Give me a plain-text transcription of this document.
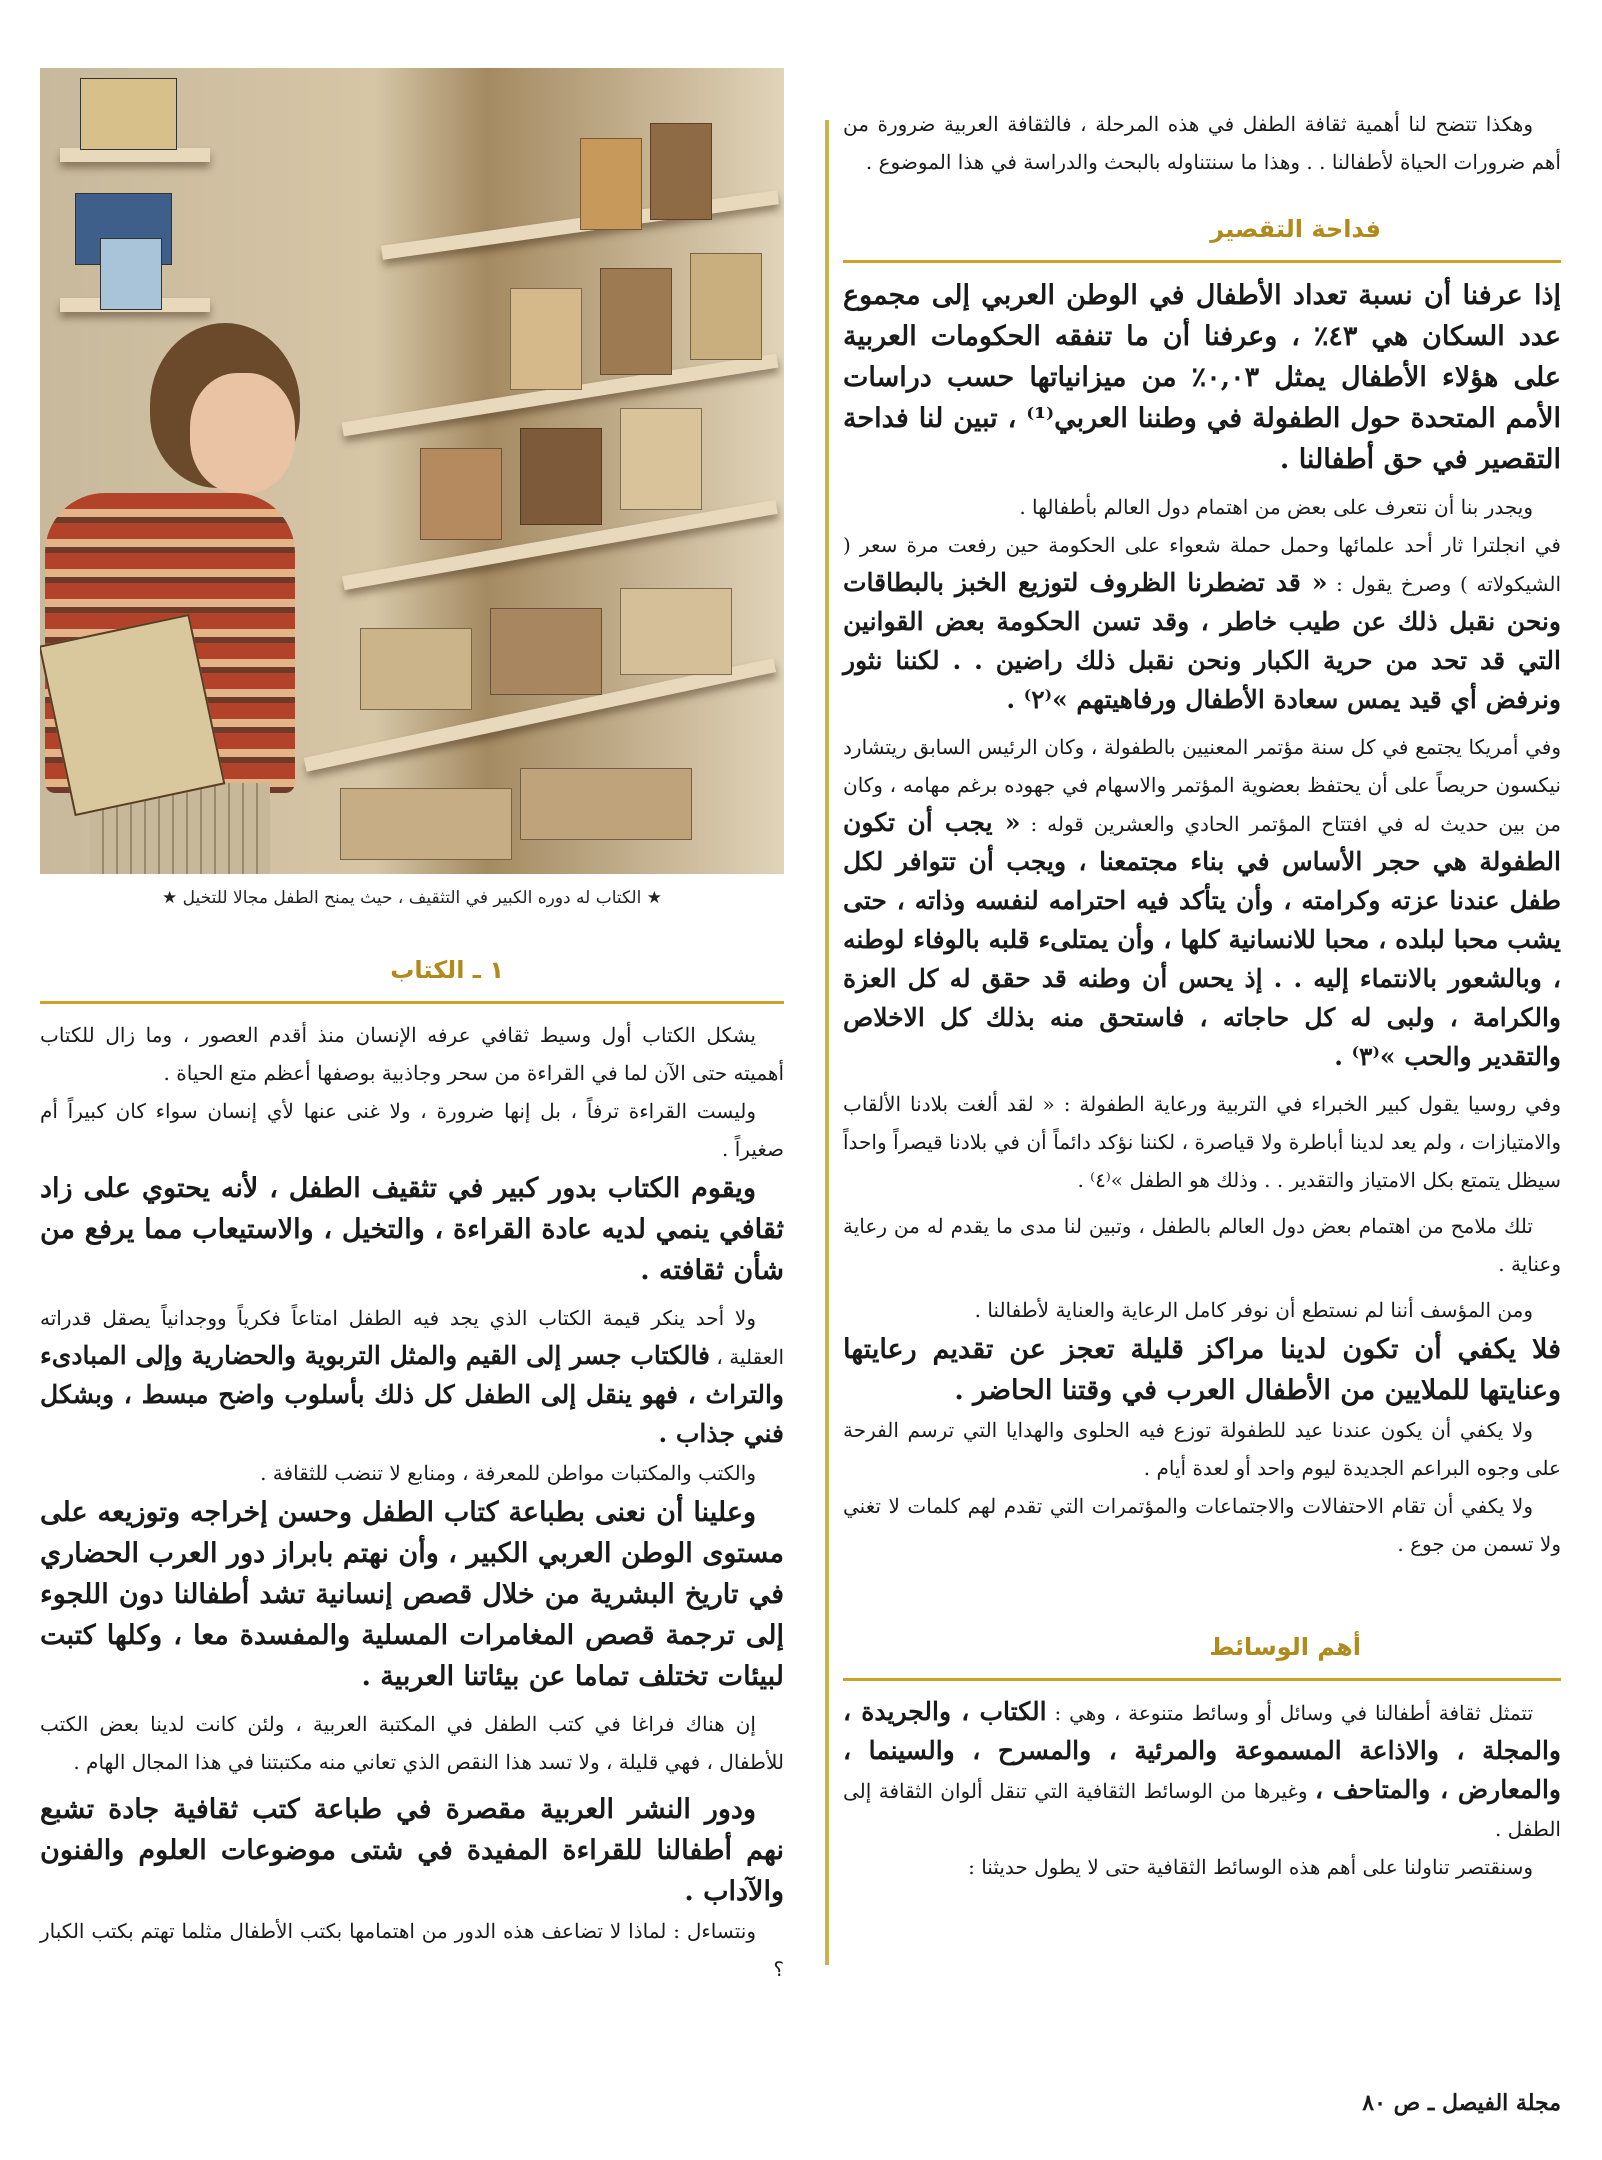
وهكذا تتضح لنا أهمية ثقافة الطفل في هذه المرحلة ، فالثقافة العربية ضرورة من أهم ضرورات الحياة لأطفالنا . . وهذا ما سنتناوله بالبحث والدراسة في هذا الموضوع .

فداحة التقصير

إذا عرفنا أن نسبة تعداد الأطفال في الوطن العربي إلى مجموع عدد السكان هي ٤٣٪ ، وعرفنا أن ما تنفقه الحكومات العربية على هؤلاء الأطفال يمثل ٠,٠٣٪ من ميزانياتها حسب دراسات الأمم المتحدة حول الطفولة في وطننا العربي⁽¹⁾ ، تبين لنا فداحة التقصير في حق أطفالنا .

ويجدر بنا أن نتعرف على بعض من اهتمام دول العالم بأطفالها .

في انجلترا ثار أحد علمائها وحمل حملة شعواء على الحكومة حين رفعت مرة سعر ( الشيكولاته ) وصرخ يقول : « قد تضطرنا الظروف لتوزيع الخبز بالبطاقات ونحن نقبل ذلك عن طيب خاطر ، وقد تسن الحكومة بعض القوانين التي قد تحد من حرية الكبار ونحن نقبل ذلك راضين . . لكننا نثور ونرفض أي قيد يمس سعادة الأطفال ورفاهيتهم »⁽٢⁾ .

وفي أمريكا يجتمع في كل سنة مؤتمر المعنيين بالطفولة ، وكان الرئيس السابق ريتشارد نيكسون حريصاً على أن يحتفظ بعضوية المؤتمر والاسهام في جهوده برغم مهامه ، وكان من بين حديث له في افتتاح المؤتمر الحادي والعشرين قوله : « يجب أن تكون الطفولة هي حجر الأساس في بناء مجتمعنا ، ويجب أن تتوافر لكل طفل عندنا عزته وكرامته ، وأن يتأكد فيه احترامه لنفسه وذاته ، حتى يشب محبا لبلده ، محبا للانسانية كلها ، وأن يمتلىء قلبه بالوفاء لوطنه ، وبالشعور بالانتماء إليه . . إذ يحس أن وطنه قد حقق له كل العزة والكرامة ، ولبى له كل حاجاته ، فاستحق منه بذلك كل الاخلاص والتقدير والحب »⁽٣⁾ .

وفي روسيا يقول كبير الخبراء في التربية ورعاية الطفولة : « لقد ألغت بلادنا الألقاب والامتيازات ، ولم يعد لدينا أباطرة ولا قياصرة ، لكننا نؤكد دائماً أن في بلادنا قيصراً واحداً سيظل يتمتع بكل الامتياز والتقدير . . وذلك هو الطفل »⁽٤⁾ .

تلك ملامح من اهتمام بعض دول العالم بالطفل ، وتبين لنا مدى ما يقدم له من رعاية وعناية .

ومن المؤسف أننا لم نستطع أن نوفر كامل الرعاية والعناية لأطفالنا .

فلا يكفي أن تكون لدينا مراكز قليلة تعجز عن تقديم رعايتها وعنايتها للملايين من الأطفال العرب في وقتنا الحاضر .

ولا يكفي أن يكون عندنا عيد للطفولة توزع فيه الحلوى والهدايا التي ترسم الفرحة على وجوه البراعم الجديدة ليوم واحد أو لعدة أيام .

ولا يكفي أن تقام الاحتفالات والاجتماعات والمؤتمرات التي تقدم لهم كلمات لا تغني ولا تسمن من جوع .

أهم الوسائط

تتمثل ثقافة أطفالنا في وسائل أو وسائط متنوعة ، وهي : الكتاب ، والجريدة ، والمجلة ، والاذاعة المسموعة والمرئية ، والمسرح ، والسينما ، والمعارض ، والمتاحف ، وغيرها من الوسائط الثقافية التي تنقل ألوان الثقافة إلى الطفل .

وسنقتصر تناولنا على أهم هذه الوسائط الثقافية حتى لا يطول حديثنا :

★ الكتاب له دوره الكبير في التثقيف ، حيث يمنح الطفل مجالا للتخيل ★
١ ـ الكتاب

يشكل الكتاب أول وسيط ثقافي عرفه الإنسان منذ أقدم العصور ، وما زال للكتاب أهميته حتى الآن لما في القراءة من سحر وجاذبية بوصفها أعظم متع الحياة .

وليست القراءة ترفاً ، بل إنها ضرورة ، ولا غنى عنها لأي إنسان سواء كان كبيراً أم صغيراً .

ويقوم الكتاب بدور كبير في تثقيف الطفل ، لأنه يحتوي على زاد ثقافي ينمي لديه عادة القراءة ، والتخيل ، والاستيعاب مما يرفع من شأن ثقافته .

ولا أحد ينكر قيمة الكتاب الذي يجد فيه الطفل امتاعاً فكرياً ووجدانياً يصقل قدراته العقلية ، فالكتاب جسر إلى القيم والمثل التربوية والحضارية وإلى المبادىء والتراث ، فهو ينقل إلى الطفل كل ذلك بأسلوب واضح مبسط ، وبشكل فني جذاب .

والكتب والمكتبات مواطن للمعرفة ، ومنابع لا تنضب للثقافة .

وعلينا أن نعنى بطباعة كتاب الطفل وحسن إخراجه وتوزيعه على مستوى الوطن العربي الكبير ، وأن نهتم بابراز دور العرب الحضاري في تاريخ البشرية من خلال قصص إنسانية تشد أطفالنا دون اللجوء إلى ترجمة قصص المغامرات المسلية والمفسدة معا ، وكلها كتبت لبيئات تختلف تماما عن بيئاتنا العربية .

إن هناك فراغا في كتب الطفل في المكتبة العربية ، ولئن كانت لدينا بعض الكتب للأطفال ، فهي قليلة ، ولا تسد هذا النقص الذي تعاني منه مكتبتنا في هذا المجال الهام .

ودور النشر العربية مقصرة في طباعة كتب ثقافية جادة تشبع نهم أطفالنا للقراءة المفيدة في شتى موضوعات العلوم والفنون والآداب .

ونتساءل : لماذا لا تضاعف هذه الدور من اهتمامها بكتب الأطفال مثلما تهتم بكتب الكبار ؟

مجلة الفيصل ـ ص ٨٠
